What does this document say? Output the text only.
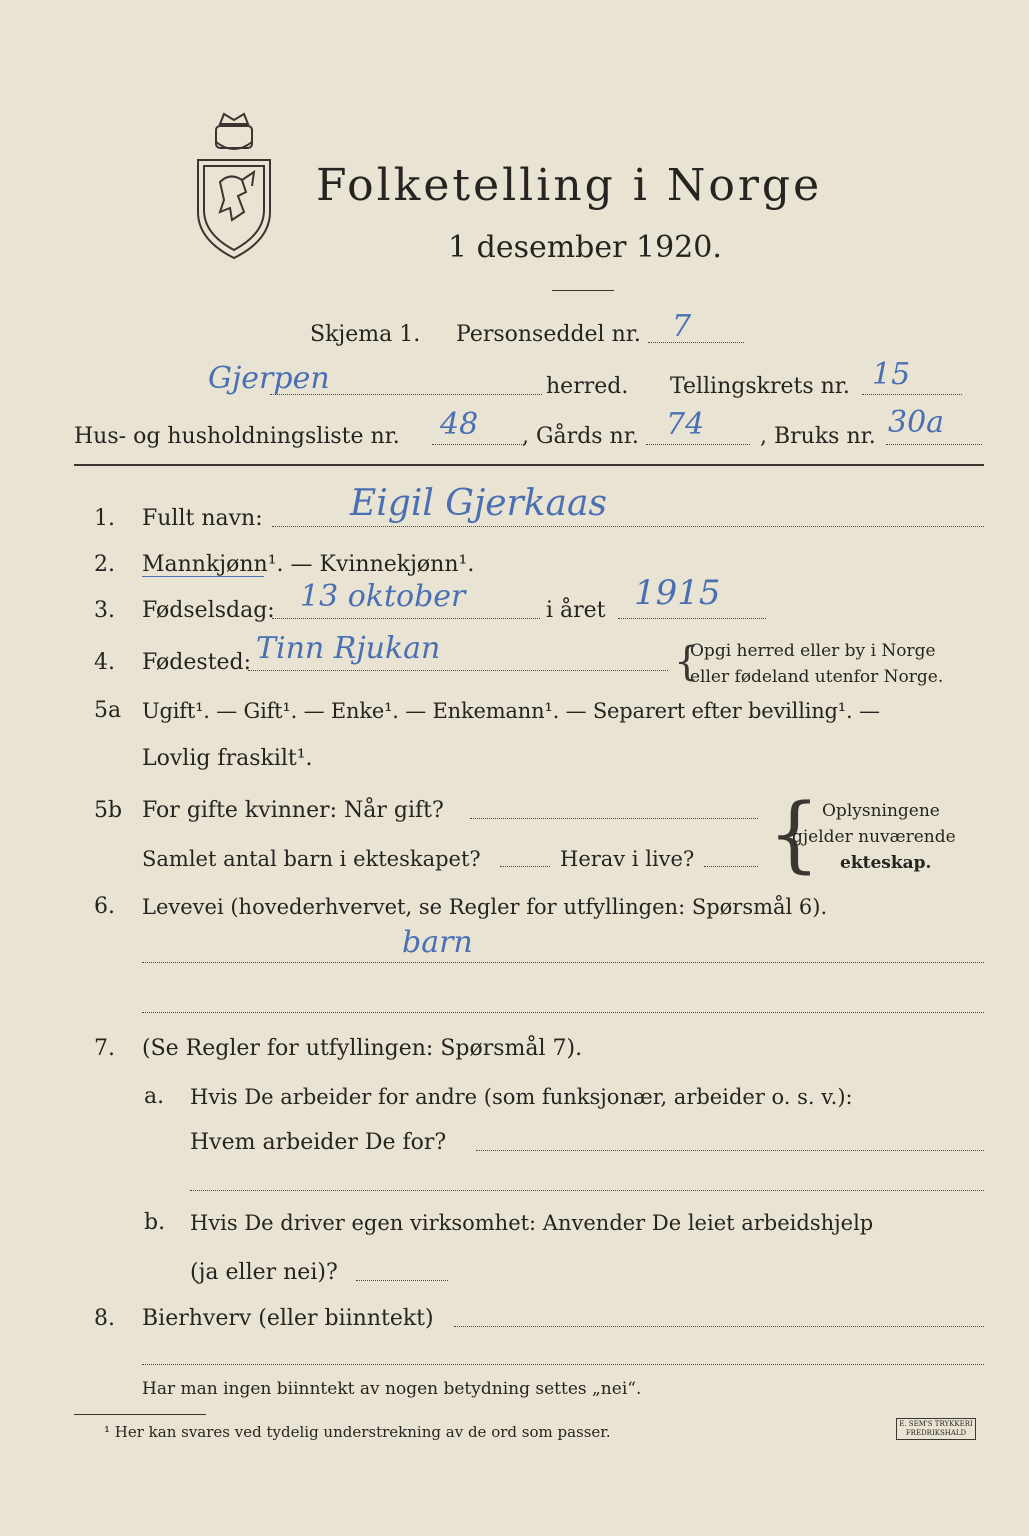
Folketelling i Norge
1 desember 1920.
Skjema 1. Personseddel nr. 7
Gjerpen	herred. Tellingskrets nr. 15
Hus- og husholdningsliste nr. 48 , Gårds nr. 74	, Bruks nr. 30a
1. Fullt navn: Eigil Gjerkaas
2. Mannkjønn¹. — Kvinnekjønn¹.
3. Fødselsdag: 13 oktober	i året 1915
4. Fødested: Tinn Rjukan	{
Opgi herred eller by i Norge
eller fødeland utenfor Norge.
5a Ugift¹. — Gift¹. — Enke¹. — Enkemann¹. — Separert efter bevilling¹. —
Lovlig fraskilt¹.
5b For gifte kvinner: Når gift?
Samlet antal barn i ekteskapet?	Herav i live? { Oplysningene
gjelder nuværende
ekteskap.
6. Levevei (hovederhvervet, se Regler for utfyllingen: Spørsmål 6).
barn
7. (Se Regler for utfyllingen: Spørsmål 7).
a. Hvis De arbeider for andre (som funksjonær, arbeider o. s. v.):
Hvem arbeider De for?
b. Hvis De driver egen virksomhet: Anvender De leiet arbeidshjelp
(ja eller nei)?
8. Bierhverv (eller biinntekt)
Har man ingen biinntekt av nogen betydning settes „nei“.
¹ Her kan svares ved tydelig understrekning av de ord som passer.	E. SEM'S TRYKKERI
FREDRIKSHALD
